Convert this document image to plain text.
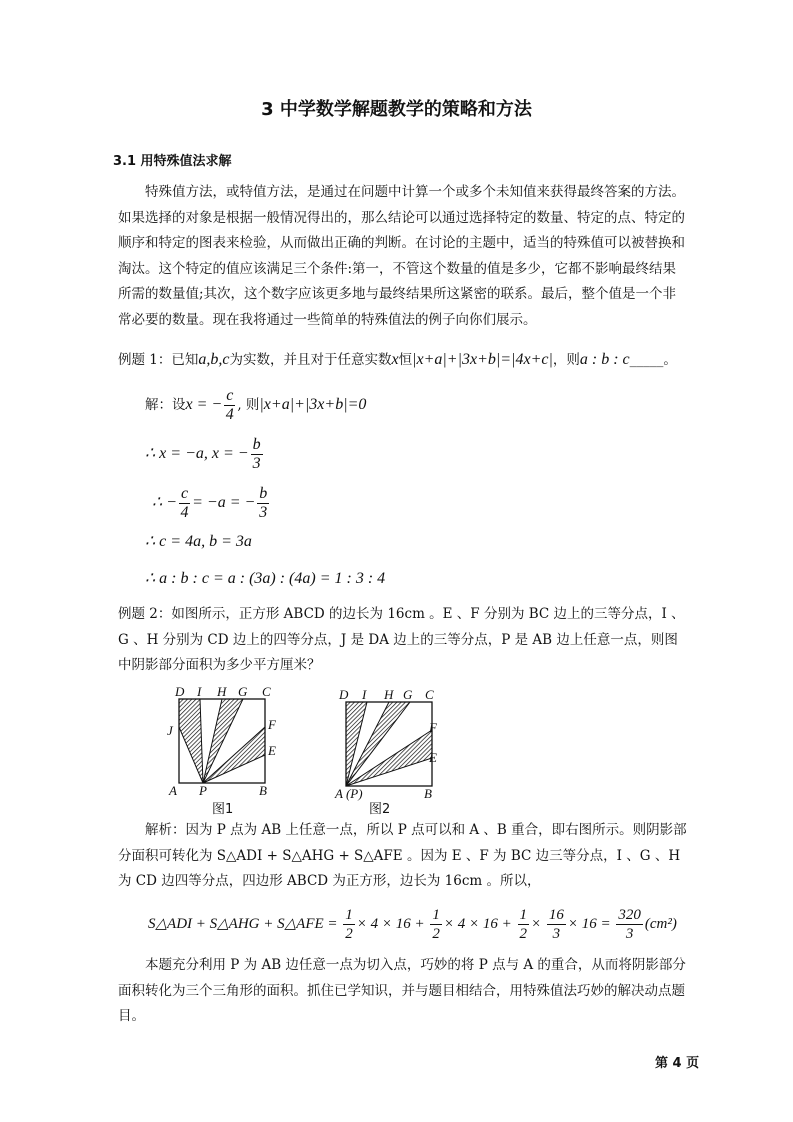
3 中学数学解题教学的策略和方法
3.1 用特殊值法求解
特殊值方法，或特值方法，是通过在问题中计算一个或多个未知值来获得最终答案的方法。如果选择的对象是根据一般情况得出的，那么结论可以通过选择特定的数量、特定的点、特定的顺序和特定的图表来检验，从而做出正确的判断。在讨论的主题中，适当的特殊值可以被替换和淘汰。这个特定的值应该满足三个条件:第一，不管这个数量的值是多少，它都不影响最终结果所需的数量值;其次，这个数字应该更多地与最终结果所这紧密的联系。最后，整个值是一个非常必要的数量。现在我将通过一些简单的特殊值法的例子向你们展示。
例题 1：已知a,b,c为实数，并且对于任意实数x恒|x+a|+|3x+b|=|4x+c|，则a : b : c_____。
解：设x = − $\frac{c}{4}$ , 则|x+a|+|3x+b|=0
∴ x = −a, x = − $\frac{b}{3}$
∴ − $\frac{c}{4} = -a$ = − $\frac{b}{3}$
∴ c = 4a, b = 3a
∴ a : b : c = a : (3a) : (4a) = 1 : 3 : 4
例题 2：如图所示，正方形 ABCD 的边长为 16cm 。E 、F 分别为 BC 边上的三等分点，I 、G 、H 分别为 CD 边上的四等分点，J 是 DA 边上的三等分点，P 是 AB 边上任意一点，则图中阴影部分面积为多少平方厘米？
D I H G C
J	F
E
A P	B
图1
D I H G C
F
E
A (P)	B
图2
解析：因为 P 点为 AB 上任意一点，所以 P 点可以和 A 、B 重合，即右图所示。则阴影部分面积可转化为 S△ADI + S△AHG + S△AFE 。因为 E 、F 为 BC 边三等分点，I 、G 、H 为 CD 边四等分点，四边形 ABCD 为正方形，边长为 16cm 。所以，
S△ADI + S△AHG + S△AFE = $\frac{1}{2} \times 4 \times 16 + \frac{1}{2} \times 4 \times 16 + \frac{1}{2} \times \frac{16}{3} \times 16 = \frac{320}{3} (cm^2)$
本题充分利用 P 为 AB 边任意一点为切入点，巧妙的将 P 点与 A 的重合，从而将阴影部分面积转化为三个三角形的面积。抓住已学知识，并与题目相结合，用特殊值法巧妙的解决动点题目。
第 4 页
